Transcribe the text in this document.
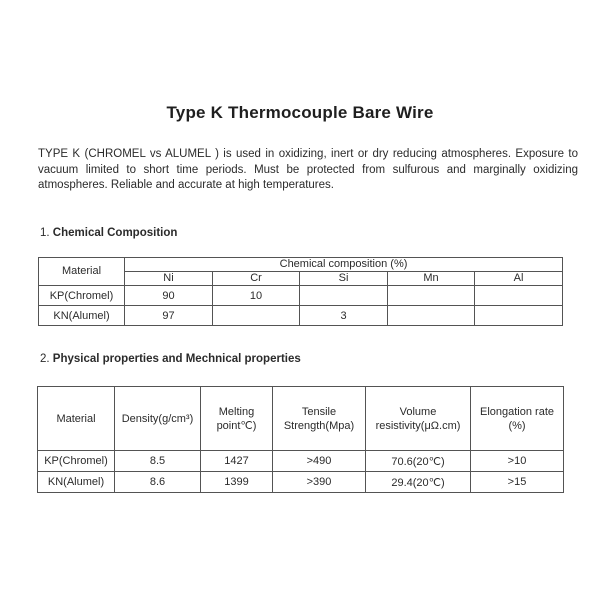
Type K Thermocouple Bare Wire

TYPE K (CHROMEL vs ALUMEL ) is used in oxidizing, inert or dry reducing atmospheres. Exposure to vacuum limited to short time periods. Must be protected from sulfurous and marginally oxidizing atmospheres. Reliable and accurate at high temperatures.

1. Chemical Composition
Material	Chemical composition (%)				
	Ni	Cr	Si	Mn	Al
KP(Chromel)	90	10			
KN(Alumel)	97		3		
2. Physical properties and Mechnical properties
Material	Density(g/cm³)	Melting point℃)	Tensile Strength(Mpa)	Volume resistivity(μΩ.cm)	Elongation rate (%)
KP(Chromel)	8.5	1427	>490	70.6(20℃)	>10
KN(Alumel)	8.6	1399	>390	29.4(20℃)	>15
